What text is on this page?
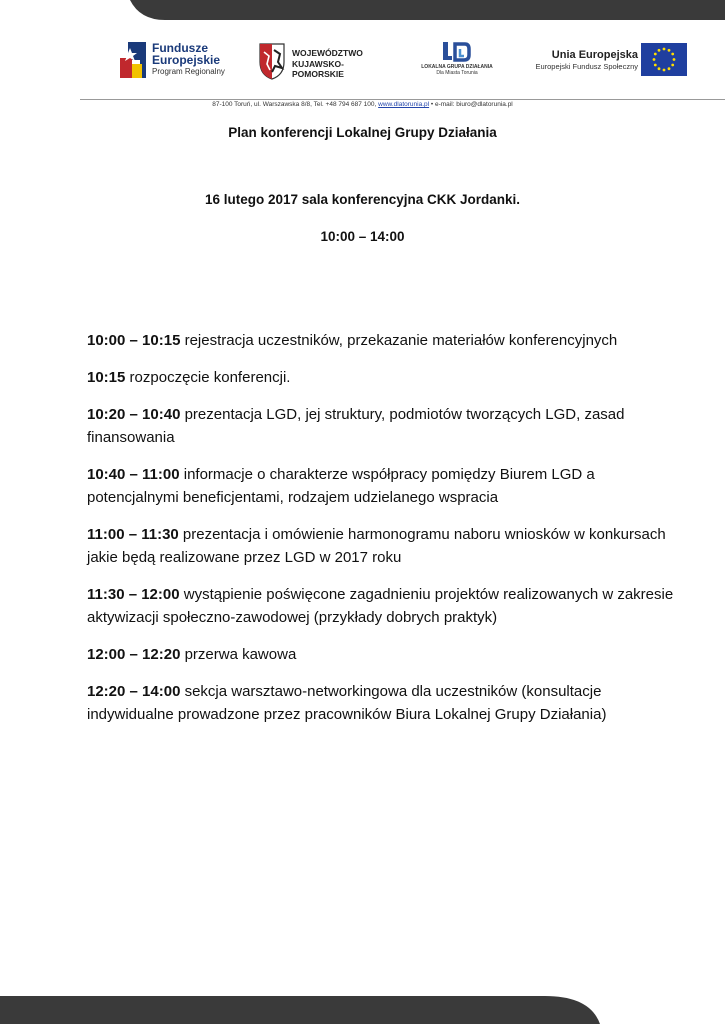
Fundusze
Europejskie
Program Regionalny
WOJEWÓDZTWO
KUJAWSKO-POMORSKIE
LOKALNA GRUPA DZIAŁANIA
Dla Miasta Torunia
Unia Europejska
Europejski Fundusz Społeczny
87-100 Toruń, ul. Warszawska 8/8, Tel. +48 794 687 100, www.dlatorunia.pl • e-mail: biuro@dlatorunia.pl
Plan konferencji Lokalnej Grupy Działania
16 lutego 2017 sala konferencyjna CKK Jordanki.
10:00 – 14:00

10:00 – 10:15 rejestracja uczestników, przekazanie materiałów konferencyjnych

10:15 rozpoczęcie konferencji.

10:20 – 10:40 prezentacja LGD, jej struktury, podmiotów tworzących LGD, zasad finansowania

10:40 – 11:00 informacje o charakterze współpracy pomiędzy Biurem LGD a potencjalnymi beneficjentami, rodzajem udzielanego wspracia

11:00 – 11:30 prezentacja i omówienie harmonogramu naboru wniosków w konkursach jakie będą realizowane przez LGD w 2017 roku

11:30 – 12:00 wystąpienie poświęcone zagadnieniu projektów realizowanych w zakresie aktywizacji społeczno-zawodowej (przykłady dobrych praktyk)

12:00 – 12:20 przerwa kawowa

12:20 – 14:00 sekcja warsztawo-networkingowa dla uczestników (konsultacje indywidualne prowadzone przez pracowników Biura Lokalnej Grupy Działania)
